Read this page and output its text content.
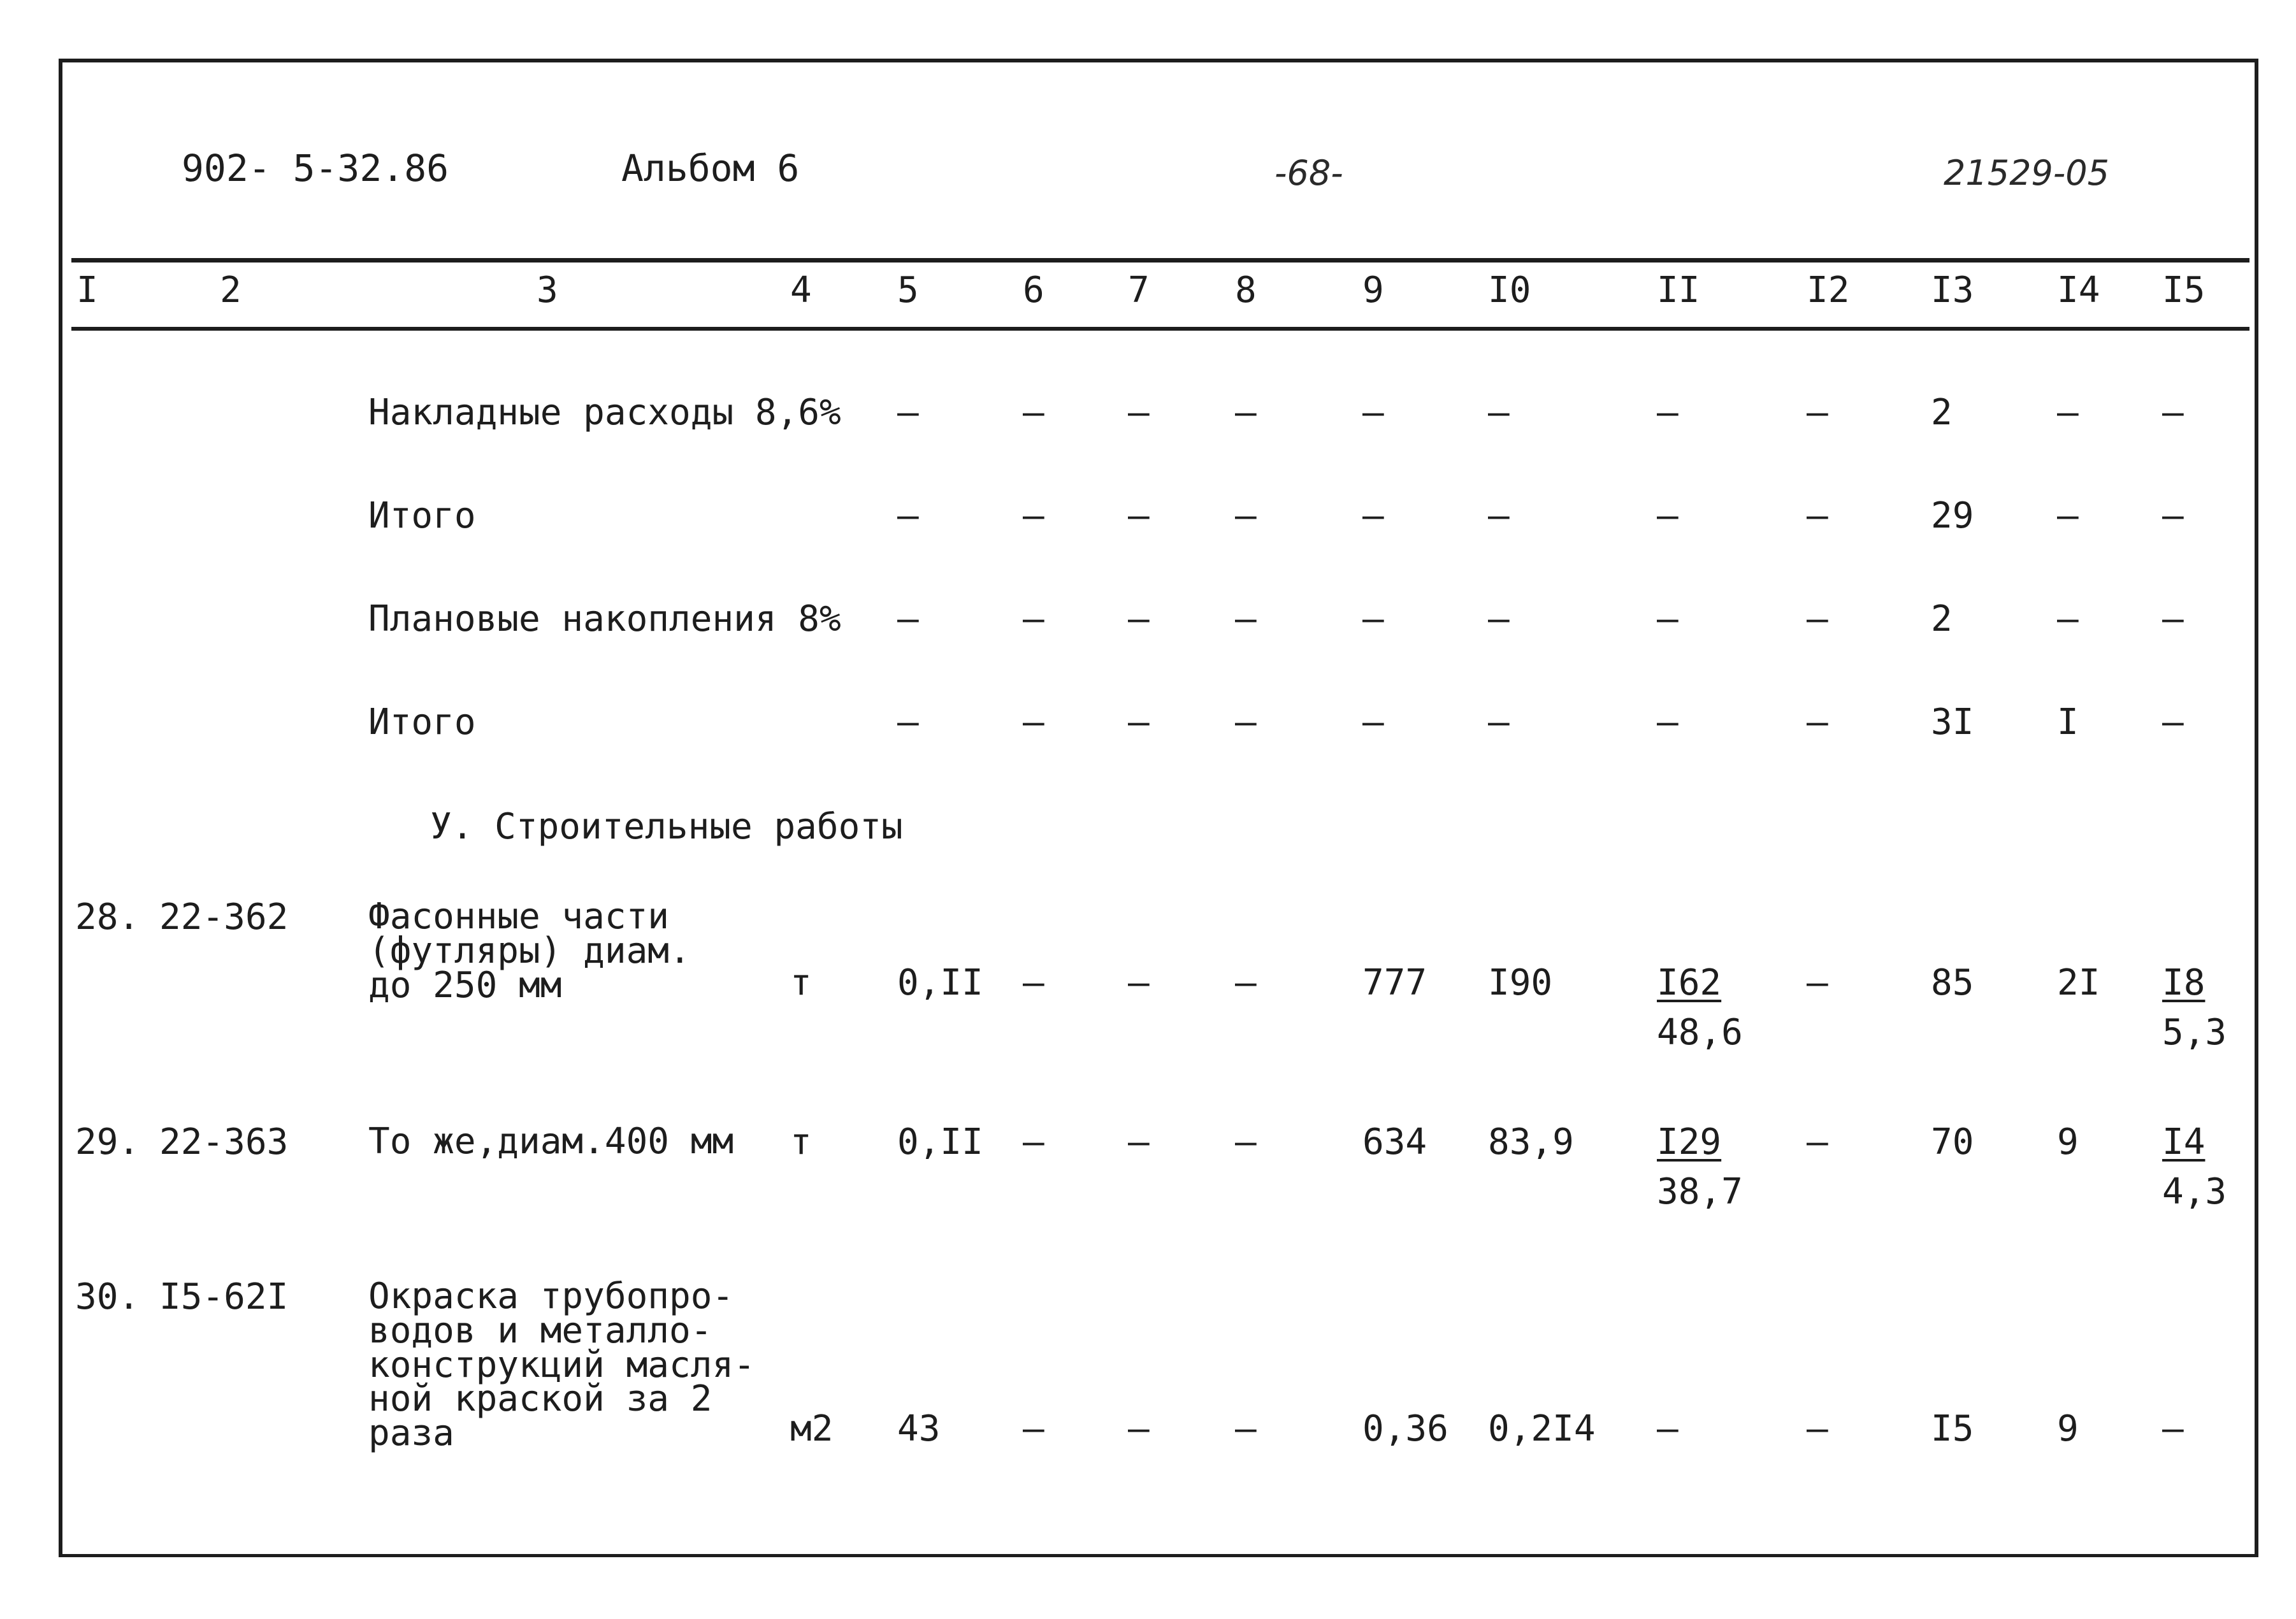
902- 5-32.86	Альбом 6	-68-	21529-05
I	2	3	4 5	6 7 8	9	I0	II	I2 I3 I4 I5
Накладные расходы 8,6% –	– – –	–	–	–	–	2	– –
Итого	–	– – –	–	–	–	–	29 – –
Плановые накопления 8% –	– – –	–	–	–	–	2	– –
Итого	–	– – –	–	–	–	–	3I I –
У. Строительные работы
28. 22-362 Фасонные части
(футляры) диам.
до 250 мм	т 0,II – – –	777 I90	$\frac{I62}{48,6}$ –	85 $2I \frac{I8}{5,3}$
29. 22-363 То же,диам.400 мм т 0,II – – –	634 $83,9 \frac{I29}{38,7}$ –	70 $9 \frac{I4}{4,3}$
30. I5-62I Окраска трубопро-
водов и металло-
конструкций масля-
ной краской за 2
раза	м2 43 – – –	0,36 0,2I4 –	–	I5 9 –
